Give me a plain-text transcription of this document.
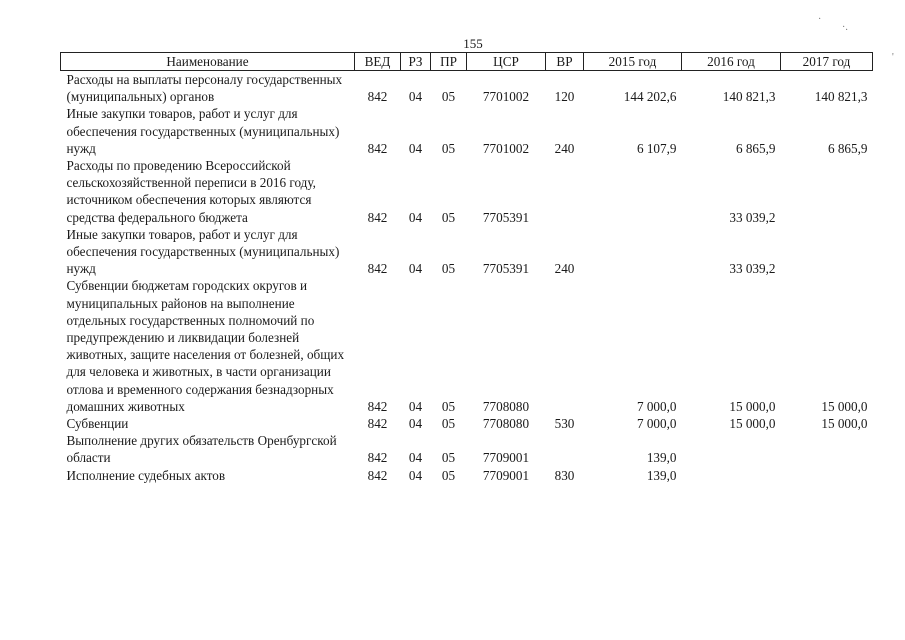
155
·
·.
'
Наименование	ВЕД	РЗ	ПР	ЦСР	ВР	2015 год	2016 год	2017 год
Расходы на выплаты персоналу государственных (муниципальных) органов	842	04	05	7701002	120	144 202,6	140 821,3	140 821,3
Иные закупки товаров, работ и услуг для обеспечения государственных (муниципальных) нужд	842	04	05	7701002	240	6 107,9	6 865,9	6 865,9
Расходы по проведению Всероссийской сельскохозяйственной переписи в 2016 году, источником обеспечения которых являются средства федерального бюджета	842	04	05	7705391			33 039,2	
Иные закупки товаров, работ и услуг для обеспечения государственных (муниципальных) нужд	842	04	05	7705391	240		33 039,2	
Субвенции бюджетам городских округов и муниципальных районов на выполнение отдельных государственных полномочий по предупреждению и ликвидации болезней животных, защите населения от болезней, общих для человека и животных, в части организации отлова и временного содержания безнадзорных домашних животных	842	04	05	7708080		7 000,0	15 000,0	15 000,0
Субвенции	842	04	05	7708080	530	7 000,0	15 000,0	15 000,0
Выполнение других обязательств Оренбургской области	842	04	05	7709001		139,0		
Исполнение судебных актов	842	04	05	7709001	830	139,0		
